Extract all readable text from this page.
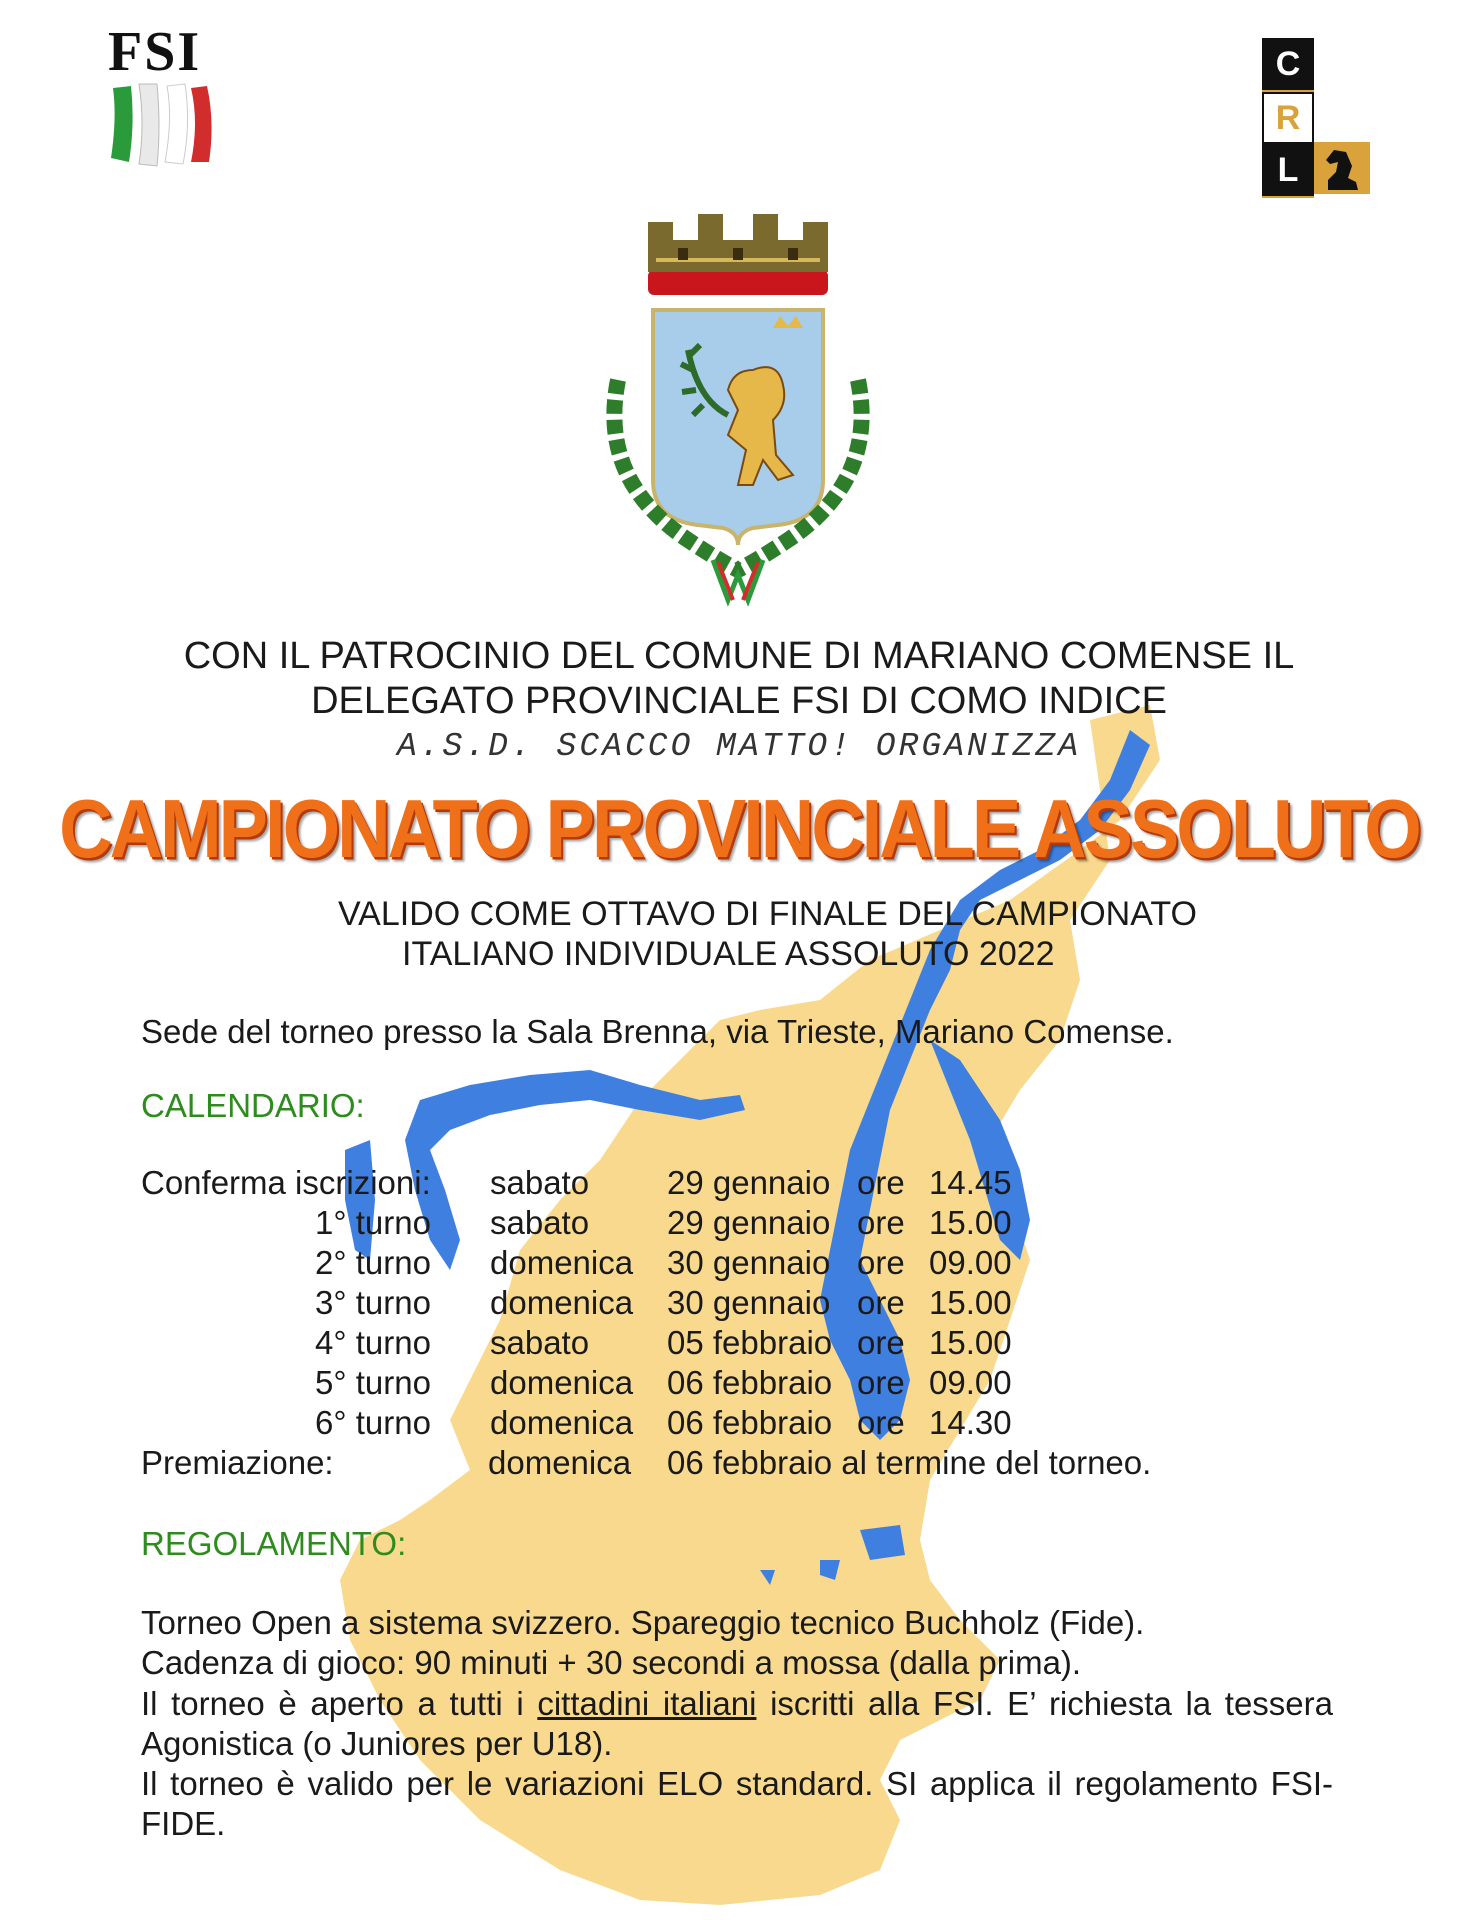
FSI	C
R
L
CON IL PATROCINIO DEL COMUNE DI MARIANO COMENSE IL
DELEGATO PROVINCIALE FSI DI COMO INDICE
A.S.D. SCACCO MATTO! ORGANIZZA
CAMPIONATO PROVINCIALE ASSOLUTO
VALIDO COME OTTAVO DI FINALE DEL CAMPIONATO
ITALIANO INDIVIDUALE ASSOLUTO 2022
Sede del torneo presso la Sala Brenna, via Trieste, Mariano Comense.
CALENDARIO:
Conferma iscrizioni: sabato 29 gennaio ore 14.45
1° turno sabato 29 gennaio ore 15.00
2° turno domenica 30 gennaio ore 09.00
3° turno domenica 30 gennaio ore 15.00
4° turno sabato 05 febbraio ore 15.00
5° turno domenica 06 febbraio ore 09.00
6° turno domenica 06 febbraio ore 14.30
Premiazione:	domenica 06 febbraio al termine del torneo.
REGOLAMENTO:
Torneo Open a sistema svizzero. Spareggio tecnico Buchholz (Fide).
Cadenza di gioco: 90 minuti + 30 secondi a mossa (dalla prima).
Il torneo è aperto a tutti i cittadini italiani iscritti alla FSI. E’ richiesta la tessera Agonistica (o Juniores per U18).
Il torneo è valido per le variazioni ELO standard. SI applica il regolamento FSI-FIDE.
